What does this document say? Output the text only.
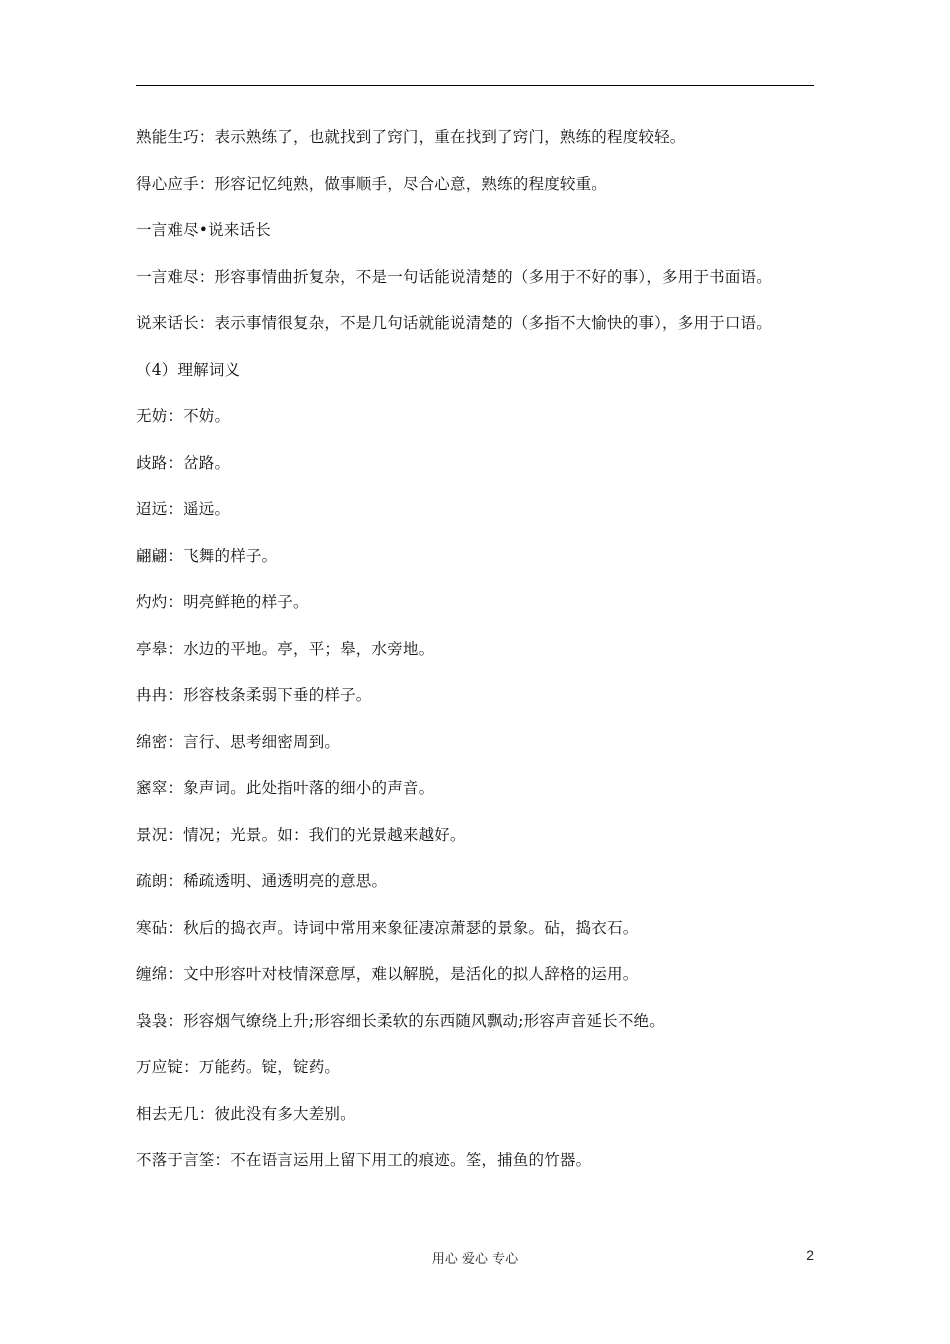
熟能生巧：表示熟练了，也就找到了窍门，重在找到了窍门，熟练的程度较轻。
得心应手：形容记忆纯熟，做事顺手，尽合心意，熟练的程度较重。
一言难尽•说来话长
一言难尽：形容事情曲折复杂，不是一句话能说清楚的（多用于不好的事），多用于书面语。
说来话长：表示事情很复杂，不是几句话就能说清楚的（多指不大愉快的事），多用于口语。
（4）理解词义
无妨：不妨。
歧路：岔路。
迢远：遥远。
翩翩：飞舞的样子。
灼灼：明亮鲜艳的样子。
亭皋：水边的平地。亭，平；皋，水旁地。
冉冉：形容枝条柔弱下垂的样子。
绵密：言行、思考细密周到。
窸窣：象声词。此处指叶落的细小的声音。
景况：情况；光景。如：我们的光景越来越好。
疏朗：稀疏透明、通透明亮的意思。
寒砧：秋后的捣衣声。诗词中常用来象征凄凉萧瑟的景象。砧，捣衣石。
缠绵：文中形容叶对枝情深意厚，难以解脱，是活化的拟人辞格的运用。
袅袅：形容烟气缭绕上升;形容细长柔软的东西随风飘动;形容声音延长不绝。
万应锭：万能药。锭，锭药。
相去无几：彼此没有多大差别。
不落于言筌：不在语言运用上留下用工的痕迹。筌，捕鱼的竹器。
用心 爱心 专心	2
